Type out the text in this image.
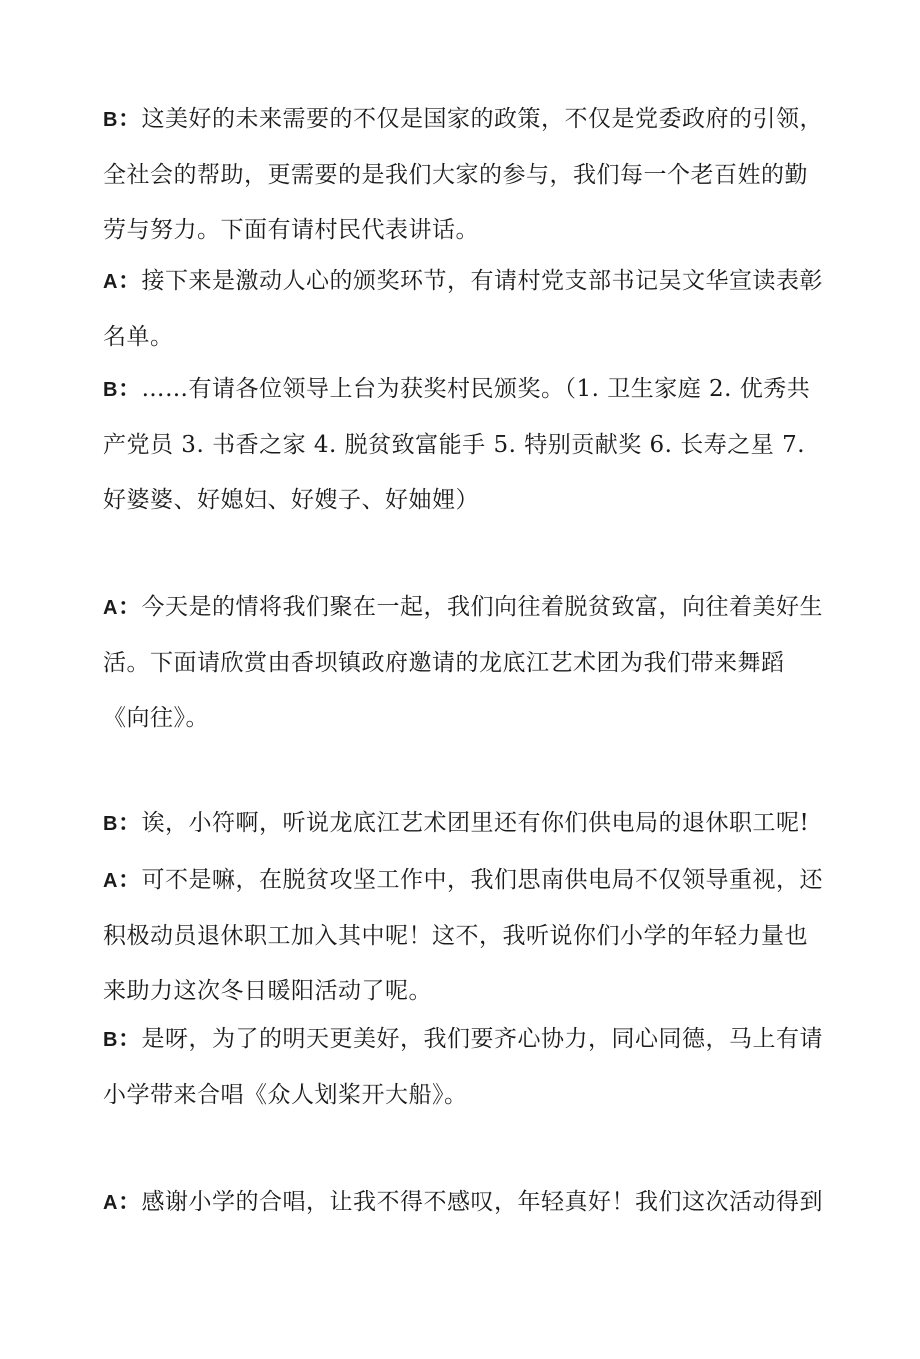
B：这美好的未来需要的不仅是国家的政策，不仅是党委政府的引领，全社会的帮助，更需要的是我们大家的参与，我们每一个老百姓的勤劳与努力。下面有请村民代表讲话。

A：接下来是激动人心的颁奖环节，有请村党支部书记吴文华宣读表彰名单。

B：……有请各位领导上台为获奖村民颁奖。（1. 卫生家庭 2. 优秀共产党员 3. 书香之家 4. 脱贫致富能手 5. 特别贡献奖 6. 长寿之星 7. 好婆婆、好媳妇、好嫂子、好妯娌）

A：今天是的情将我们聚在一起，我们向往着脱贫致富，向往着美好生活。下面请欣赏由香坝镇政府邀请的龙底江艺术团为我们带来舞蹈《向往》。

B：诶，小符啊，听说龙底江艺术团里还有你们供电局的退休职工呢!A：可不是嘛，在脱贫攻坚工作中，我们思南供电局不仅领导重视，还积极动员退休职工加入其中呢！这不，我听说你们小学的年轻力量也来助力这次冬日暖阳活动了呢。

B：是呀，为了的明天更美好，我们要齐心协力，同心同德，马上有请小学带来合唱《众人划桨开大船》。

A：感谢小学的合唱，让我不得不感叹，年轻真好！我们这次活动得到
